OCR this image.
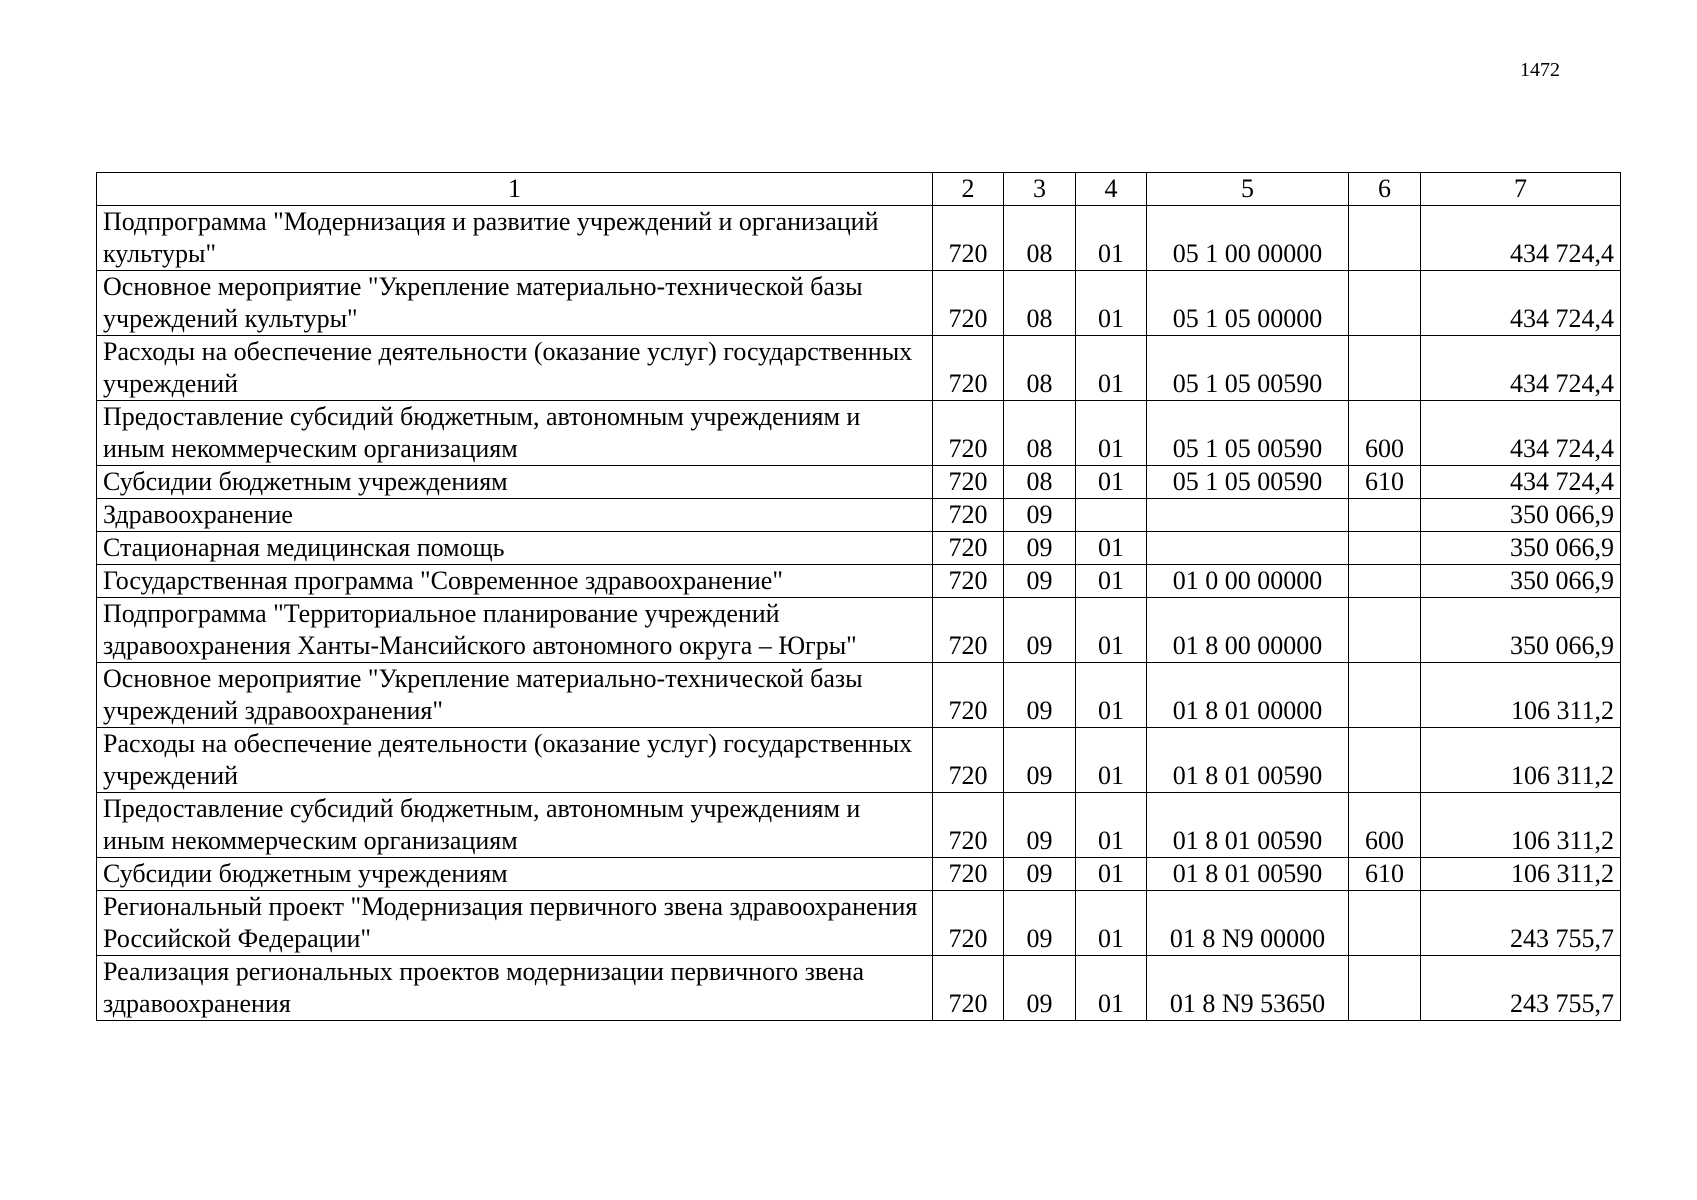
1472
1	2	3	4	5	6	7
Подпрограмма "Модернизация и развитие учреждений и организаций культуры"	720	08	01	05 1 00 00000		434 724,4
Основное мероприятие "Укрепление материально-технической базы учреждений культуры"	720	08	01	05 1 05 00000		434 724,4
Расходы на обеспечение деятельности (оказание услуг) государственных учреждений	720	08	01	05 1 05 00590		434 724,4
Предоставление субсидий бюджетным, автономным учреждениям и иным некоммерческим организациям	720	08	01	05 1 05 00590	600	434 724,4
Субсидии бюджетным учреждениям	720	08	01	05 1 05 00590	610	434 724,4
Здравоохранение	720	09				350 066,9
Стационарная медицинская помощь	720	09	01			350 066,9
Государственная программа "Современное здравоохранение"	720	09	01	01 0 00 00000		350 066,9
Подпрограмма "Территориальное планирование учреждений здравоохранения Ханты-Мансийского автономного округа – Югры"	720	09	01	01 8 00 00000		350 066,9
Основное мероприятие "Укрепление материально-технической базы учреждений здравоохранения"	720	09	01	01 8 01 00000		106 311,2
Расходы на обеспечение деятельности (оказание услуг) государственных учреждений	720	09	01	01 8 01 00590		106 311,2
Предоставление субсидий бюджетным, автономным учреждениям и иным некоммерческим организациям	720	09	01	01 8 01 00590	600	106 311,2
Субсидии бюджетным учреждениям	720	09	01	01 8 01 00590	610	106 311,2
Региональный проект "Модернизация первичного звена здравоохранения Российской Федерации"	720	09	01	01 8 N9 00000		243 755,7
Реализация региональных проектов модернизации первичного звена здравоохранения	720	09	01	01 8 N9 53650		243 755,7
